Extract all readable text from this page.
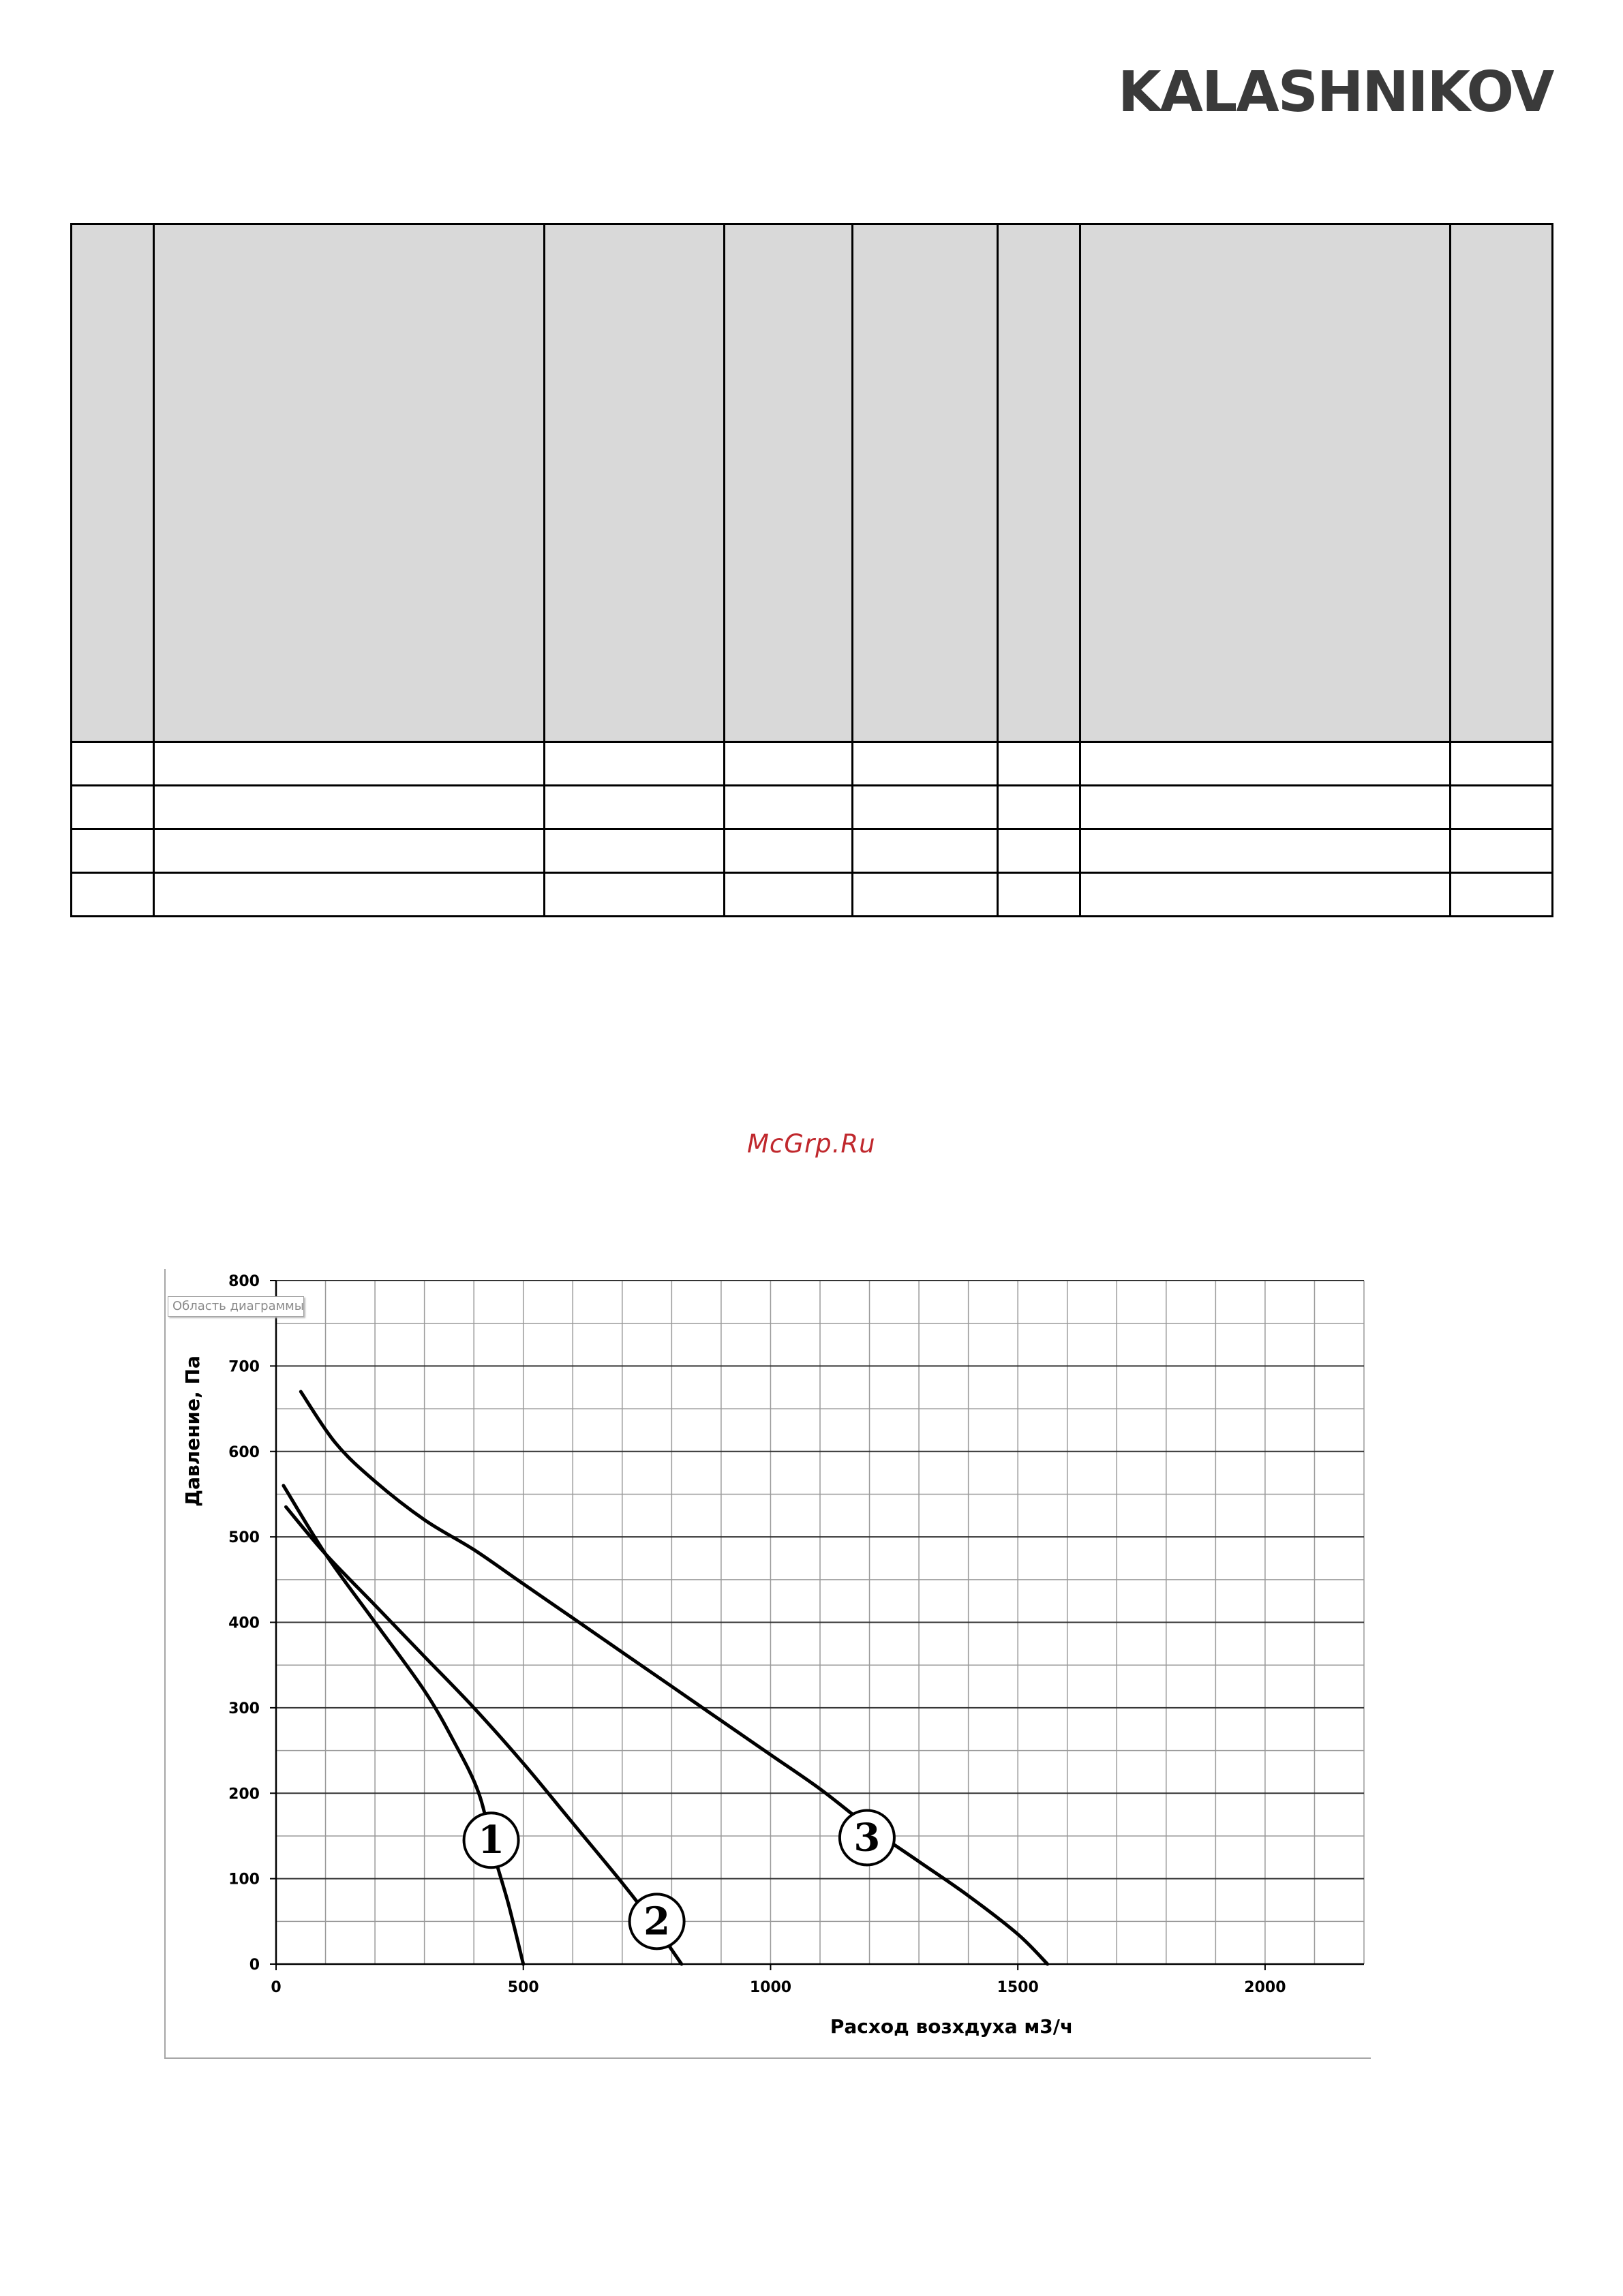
KALASHNIKOV

McGrp.Ru
0	500	1000	1500	2000
0
100
200
300
400
500
600
700
800
Расход возхдуха м3/ч
Давление, Па
1
2
3
Область диаграммы
